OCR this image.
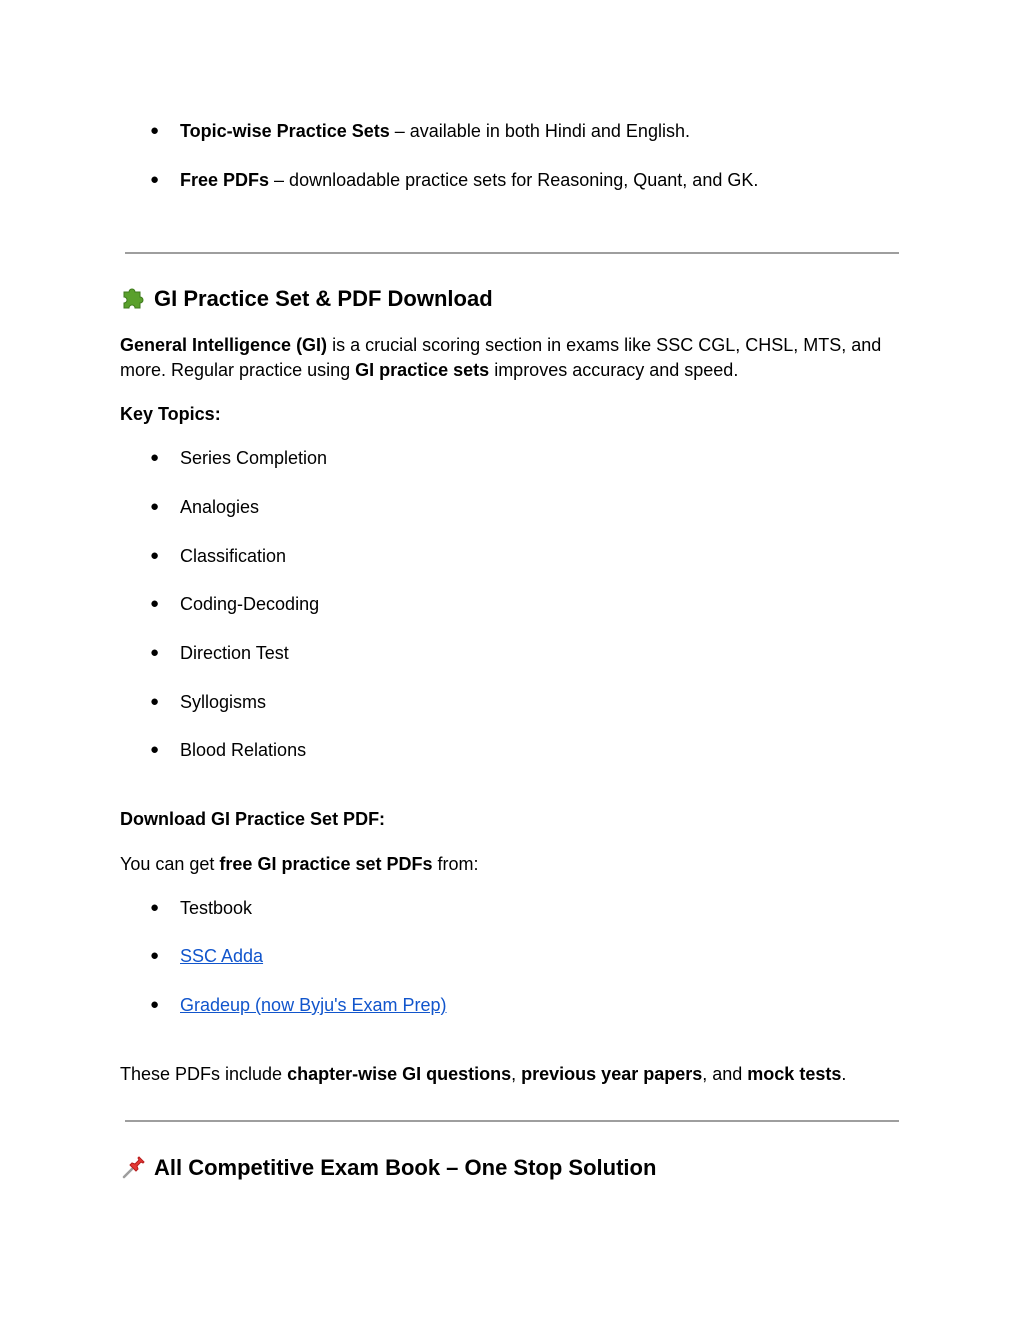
● Topic-wise Practice Sets – available in both Hindi and English.
● Free PDFs – downloadable practice sets for Reasoning, Quant, and GK.
GI Practice Set & PDF Download
General Intelligence (GI) is a crucial scoring section in exams like SSC CGL, CHSL, MTS, and more. Regular practice using GI practice sets improves accuracy and speed.
Key Topics:
● Series Completion
● Analogies
● Classification
● Coding-Decoding
● Direction Test
● Syllogisms
● Blood Relations
Download GI Practice Set PDF:
You can get free GI practice set PDFs from:
● Testbook
● SSC Adda
● Gradeup (now Byju's Exam Prep)
These PDFs include chapter-wise GI questions, previous year papers, and mock tests.
All Competitive Exam Book – One Stop Solution
